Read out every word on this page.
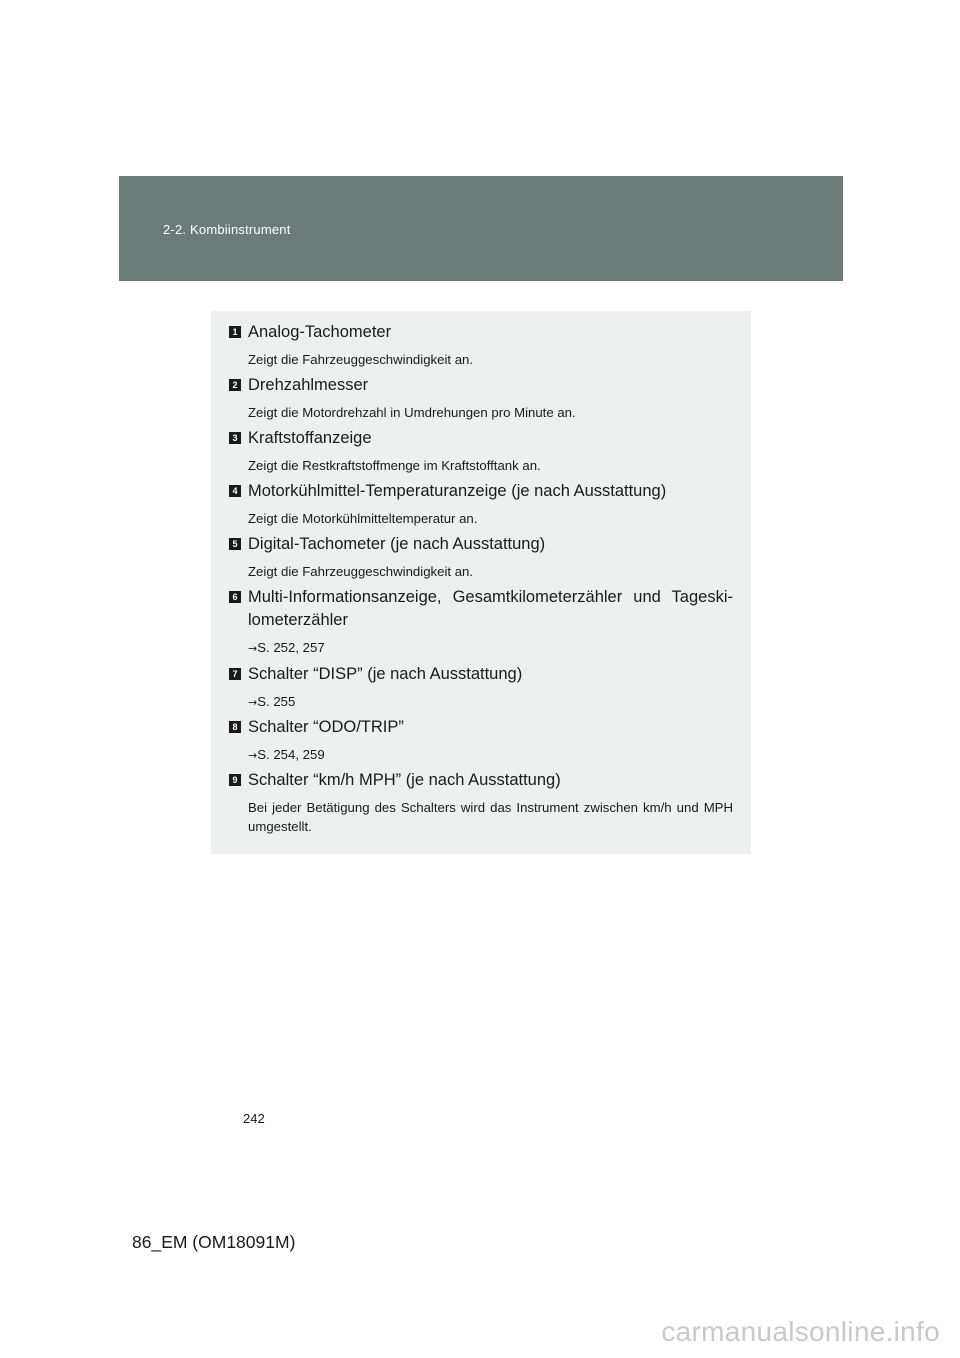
2-2. Kombiinstrument
1 Analog-Tachometer
Zeigt die Fahrzeuggeschwindigkeit an.
2 Drehzahlmesser
Zeigt die Motordrehzahl in Umdrehungen pro Minute an.
3 Kraftstoffanzeige
Zeigt die Restkraftstoffmenge im Kraftstofftank an.
4 Motorkühlmittel-Temperaturanzeige (je nach Ausstattung)
Zeigt die Motorkühlmitteltemperatur an.
5 Digital-Tachometer (je nach Ausstattung)
Zeigt die Fahrzeuggeschwindigkeit an.
6 Multi-Informationsanzeige, Gesamtkilometerzähler und Tageski-lometerzähler
→S. 252, 257
7 Schalter “DISP” (je nach Ausstattung)
→S. 255
8 Schalter “ODO/TRIP”
→S. 254, 259
9 Schalter “km/h MPH” (je nach Ausstattung)
Bei jeder Betätigung des Schalters wird das Instrument zwischen km/h und MPH umgestellt.
242
86_EM (OM18091M)
carmanualsonline.info
